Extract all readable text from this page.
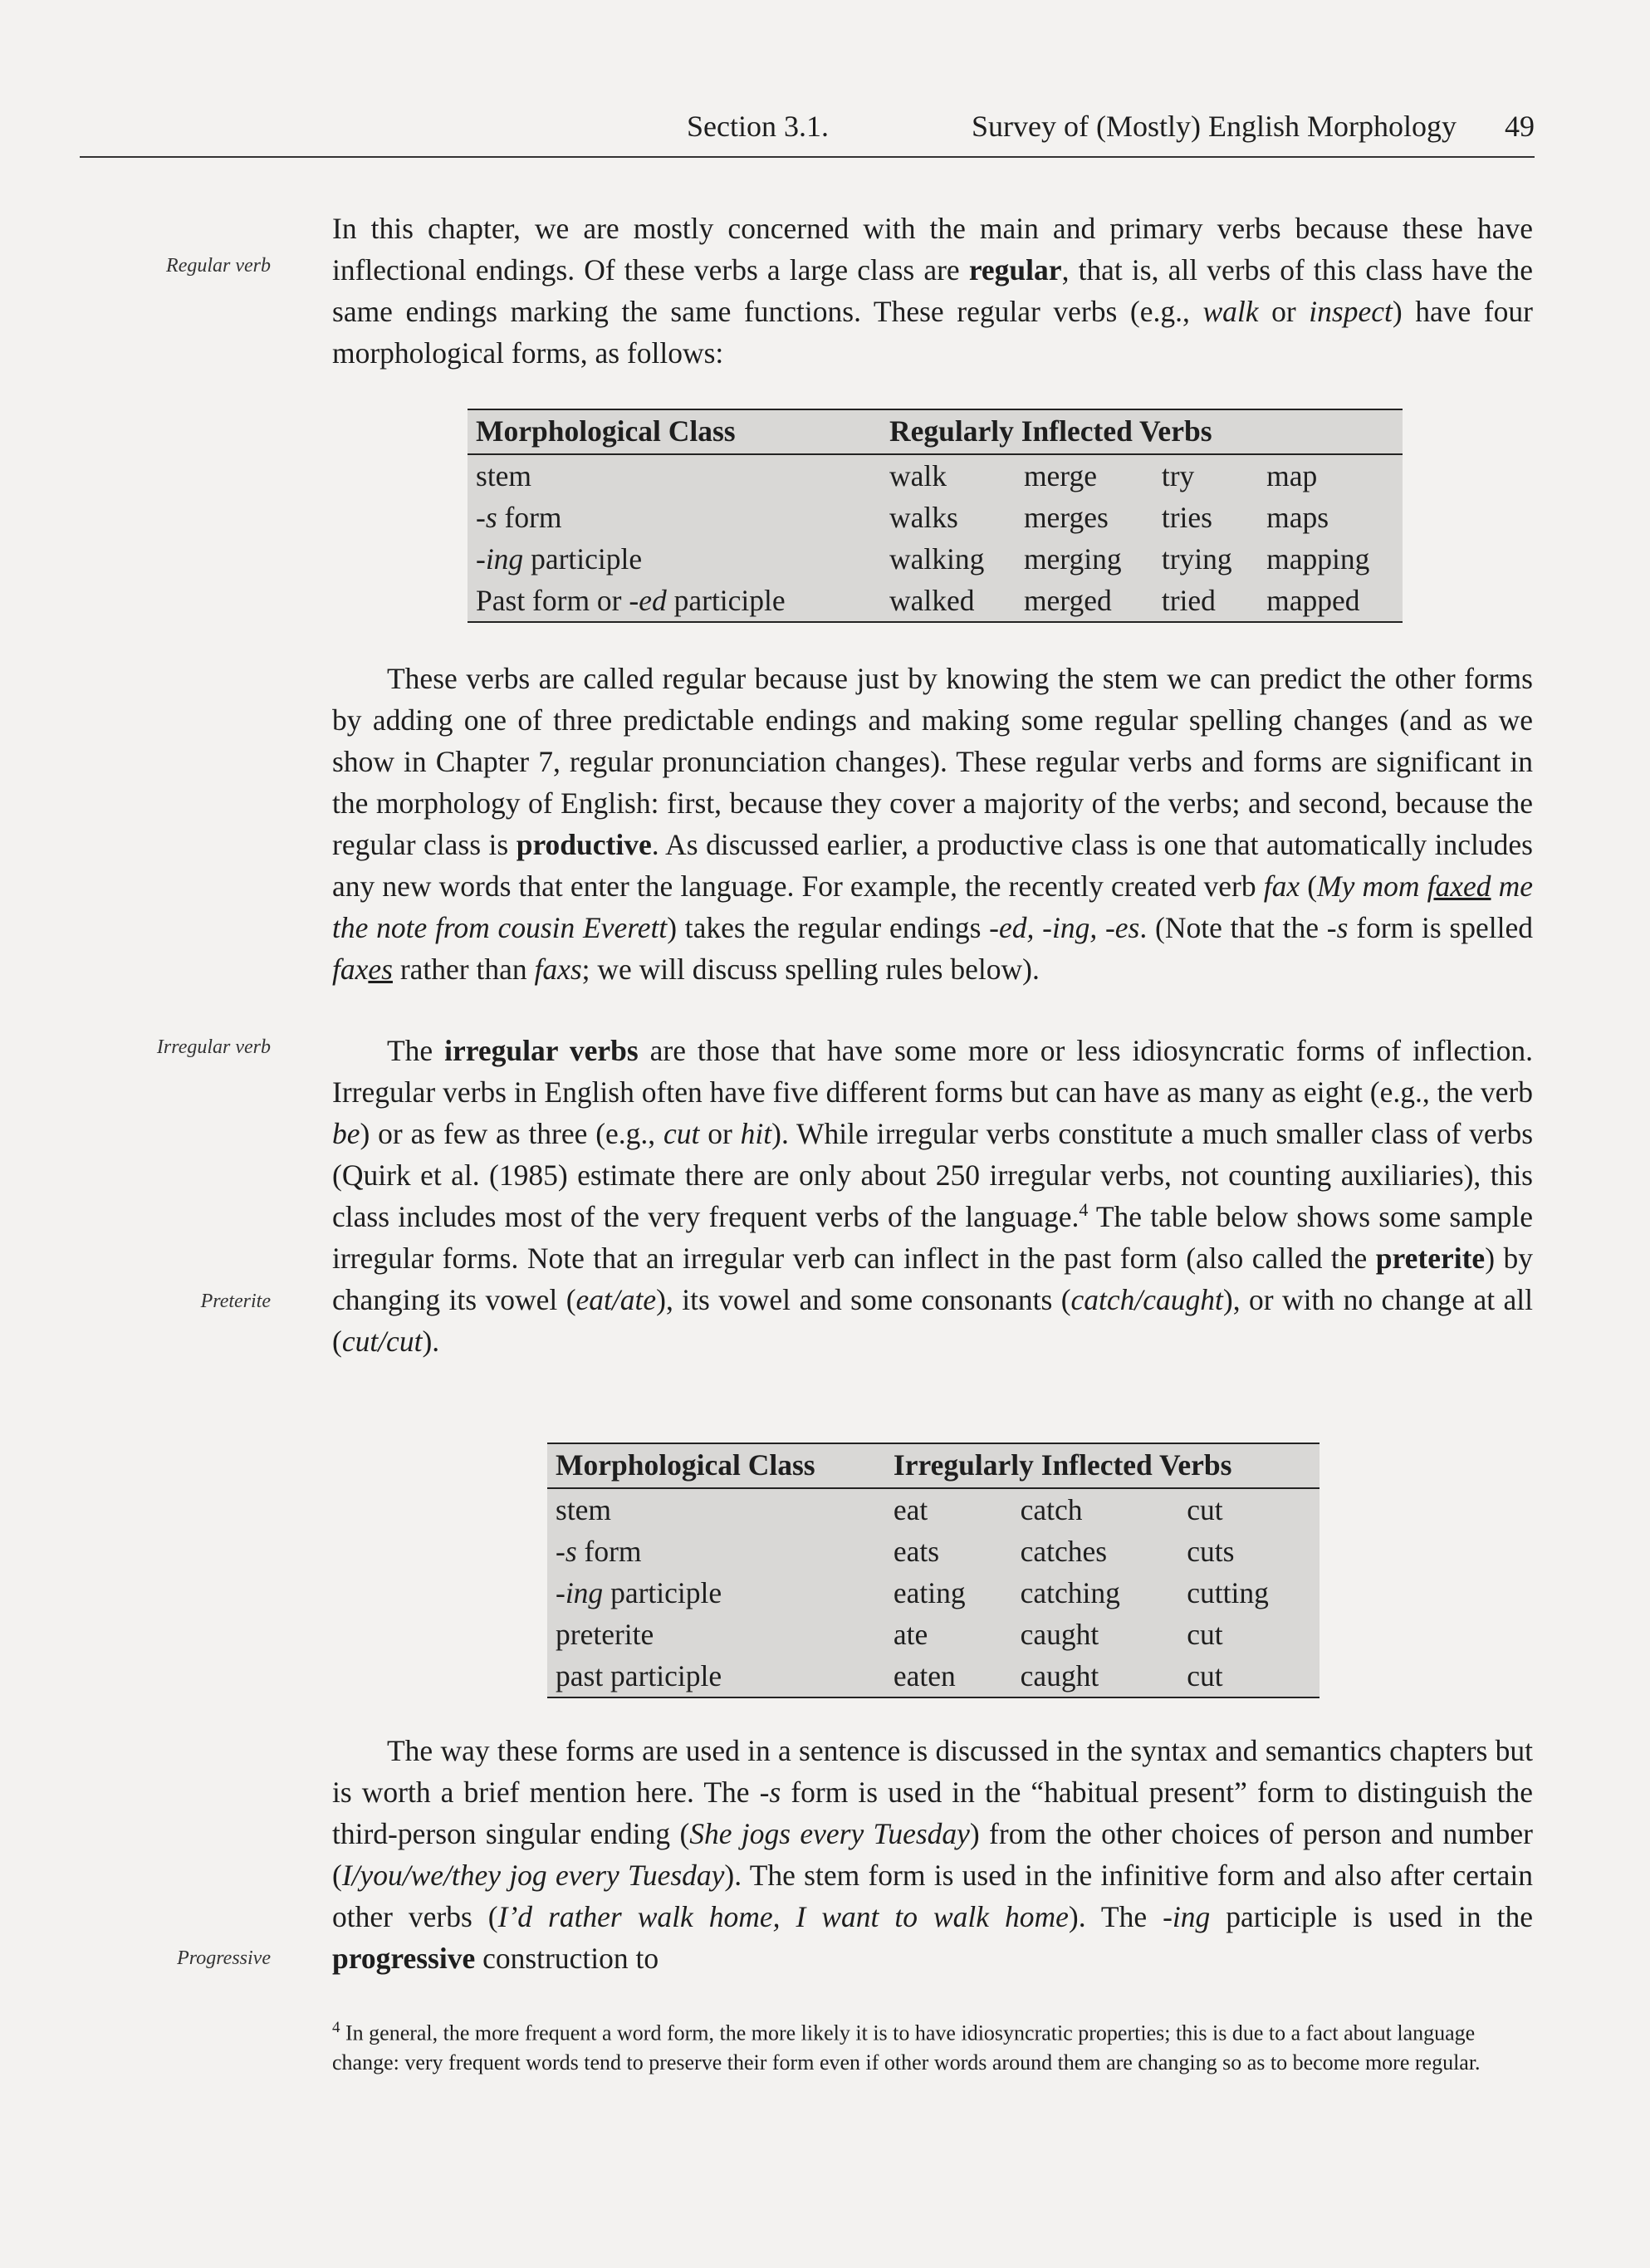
Section 3.1.	Survey of (Mostly) English Morphology 49
Regular verb
Irregular verb
Preterite
Progressive

In this chapter, we are mostly concerned with the main and primary verbs because these have inflectional endings. Of these verbs a large class are regular, that is, all verbs of this class have the same endings marking the same functions. These regular verbs (e.g., walk or inspect) have four morphological forms, as follows:

Morphological Class	Regularly Inflected Verbs			
stem	walk	merge	try	map
-s form	walks	merges	tries	maps
-ing participle	walking	merging	trying	mapping
Past form or -ed participle	walked	merged	tried	mapped

These verbs are called regular because just by knowing the stem we can predict the other forms by adding one of three predictable endings and making some regular spelling changes (and as we show in Chapter 7, regular pronunciation changes). These regular verbs and forms are significant in the morphology of English: first, because they cover a majority of the verbs; and second, because the regular class is productive. As discussed earlier, a productive class is one that automatically includes any new words that enter the language. For example, the recently created verb fax (My mom faxed me the note from cousin Everett) takes the regular endings -ed, -ing, -es. (Note that the -s form is spelled faxes rather than faxs; we will discuss spelling rules below).

The irregular verbs are those that have some more or less idiosyncratic forms of inflection. Irregular verbs in English often have five different forms but can have as many as eight (e.g., the verb be) or as few as three (e.g., cut or hit). While irregular verbs constitute a much smaller class of verbs (Quirk et al. (1985) estimate there are only about 250 irregular verbs, not counting auxiliaries), this class includes most of the very frequent verbs of the language.$^4$ The table below shows some sample irregular forms. Note that an irregular verb can inflect in the past form (also called the preterite) by changing its vowel (eat/ate), its vowel and some consonants (catch/caught), or with no change at all (cut/cut).

Morphological Class	Irregularly Inflected Verbs		
stem	eat	catch	cut
-s form	eats	catches	cuts
-ing participle	eating	catching	cutting
preterite	ate	caught	cut
past participle	eaten	caught	cut

The way these forms are used in a sentence is discussed in the syntax and semantics chapters but is worth a brief mention here. The -s form is used in the “habitual present” form to distinguish the third-person singular ending (She jogs every Tuesday) from the other choices of person and number (I/you/we/they jog every Tuesday). The stem form is used in the infinitive form and also after certain other verbs (I’d rather walk home, I want to walk home). The -ing participle is used in the progressive construction to

$^4$ In general, the more frequent a word form, the more likely it is to have idiosyncratic properties; this is due to a fact about language change: very frequent words tend to preserve their form even if other words around them are changing so as to become more regular.
